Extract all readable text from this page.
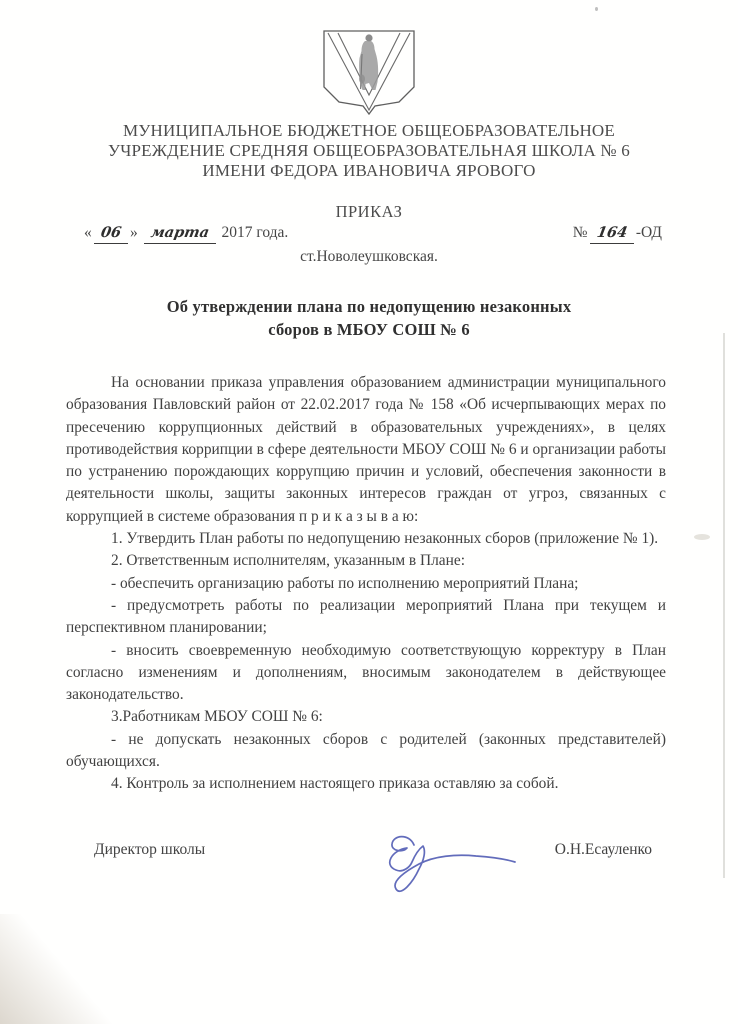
МУНИЦИПАЛЬНОЕ БЮДЖЕТНОЕ ОБЩЕОБРАЗОВАТЕЛЬНОЕ
УЧРЕЖДЕНИЕ СРЕДНЯЯ ОБЩЕОБРАЗОВАТЕЛЬНАЯ ШКОЛА № 6
ИМЕНИ ФЕДОРА ИВАНОВИЧА ЯРОВОГО
ПРИКАЗ
« 06 » марта 2017 года.	№ 164 -ОД
ст.Новолеушковская.
Об утверждении плана по недопущению незаконных
сборов в МБОУ СОШ № 6

На основании приказа управления образованием администрации муниципального образования Павловский район от 22.02.2017 года № 158 «Об исчерпывающих мерах по пресечению коррупционных действий в образовательных учреждениях», в целях противодействия коррипции в сфере деятельности МБОУ СОШ № 6 и организации работы по устранению порождающих коррупцию причин и условий, обеспечения законности в деятельности школы, защиты законных интересов граждан от угроз, связанных с коррупцией в системе образования п р и к а з ы в а ю:

1. Утвердить План работы по недопущению незаконных сборов (приложение № 1).

2. Ответственным исполнителям, указанным в Плане:

- обеспечить организацию работы по исполнению мероприятий Плана;

- предусмотреть работы по реализации мероприятий Плана при текущем и перспективном планировании;

- вносить своевременную необходимую соответствующую корректуру в План согласно изменениям и дополнениям, вносимым законодателем в действующее законодательство.

3.Работникам МБОУ СОШ № 6:

- не допускать незаконных сборов с родителей (законных представителей) обучающихся.

4. Контроль за исполнением настоящего приказа оставляю за собой.

Директор школы	О.Н.Есауленко
